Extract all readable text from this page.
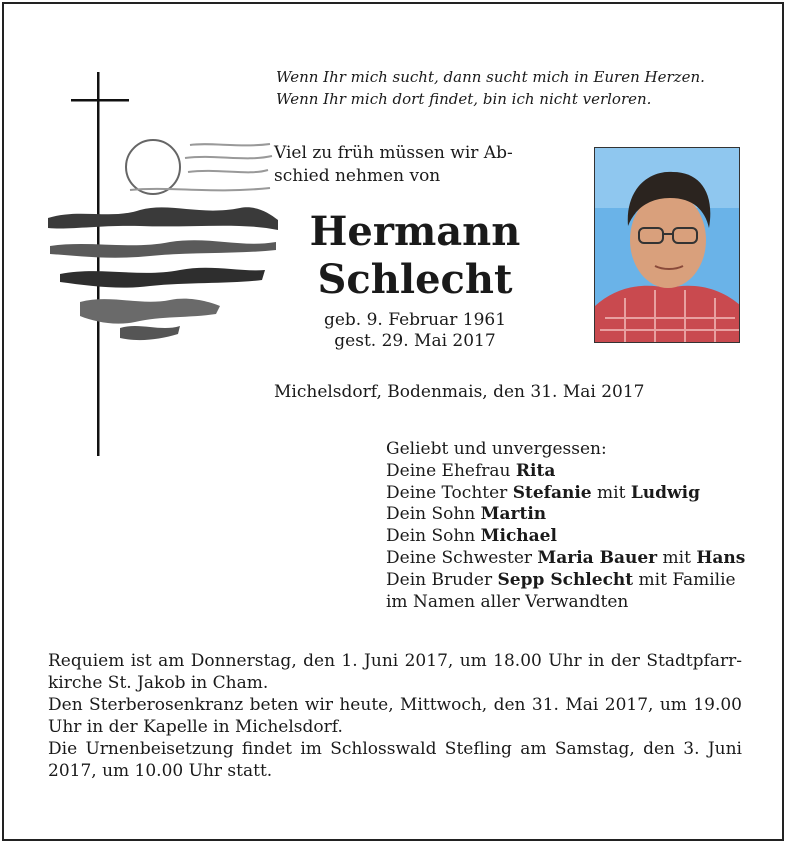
Wenn Ihr mich sucht, dann sucht mich in Euren Herzen.
Wenn Ihr mich dort findet, bin ich nicht verloren.
Viel zu früh müssen wir Ab-
schied nehmen von
Hermann
Schlecht
geb. 9. Februar 1961
gest. 29. Mai 2017
Michelsdorf, Bodenmais, den 31. Mai 2017
Geliebt und unvergessen:
Deine Ehefrau Rita
Deine Tochter Stefanie mit Ludwig
Dein Sohn Martin
Dein Sohn Michael
Deine Schwester Maria Bauer mit Hans
Dein Bruder Sepp Schlecht mit Familie
im Namen aller Verwandten

Requiem ist am Donnerstag, den 1. Juni 2017, um 18.00 Uhr in der Stadtpfarrkirche St. Jakob in Cham.

Den Sterberosenkranz beten wir heute, Mittwoch, den 31. Mai 2017, um 19.00 Uhr in der Kapelle in Michelsdorf.

Die Urnenbeisetzung findet im Schlosswald Stefling am Samstag, den 3. Juni 2017, um 10.00 Uhr statt.
